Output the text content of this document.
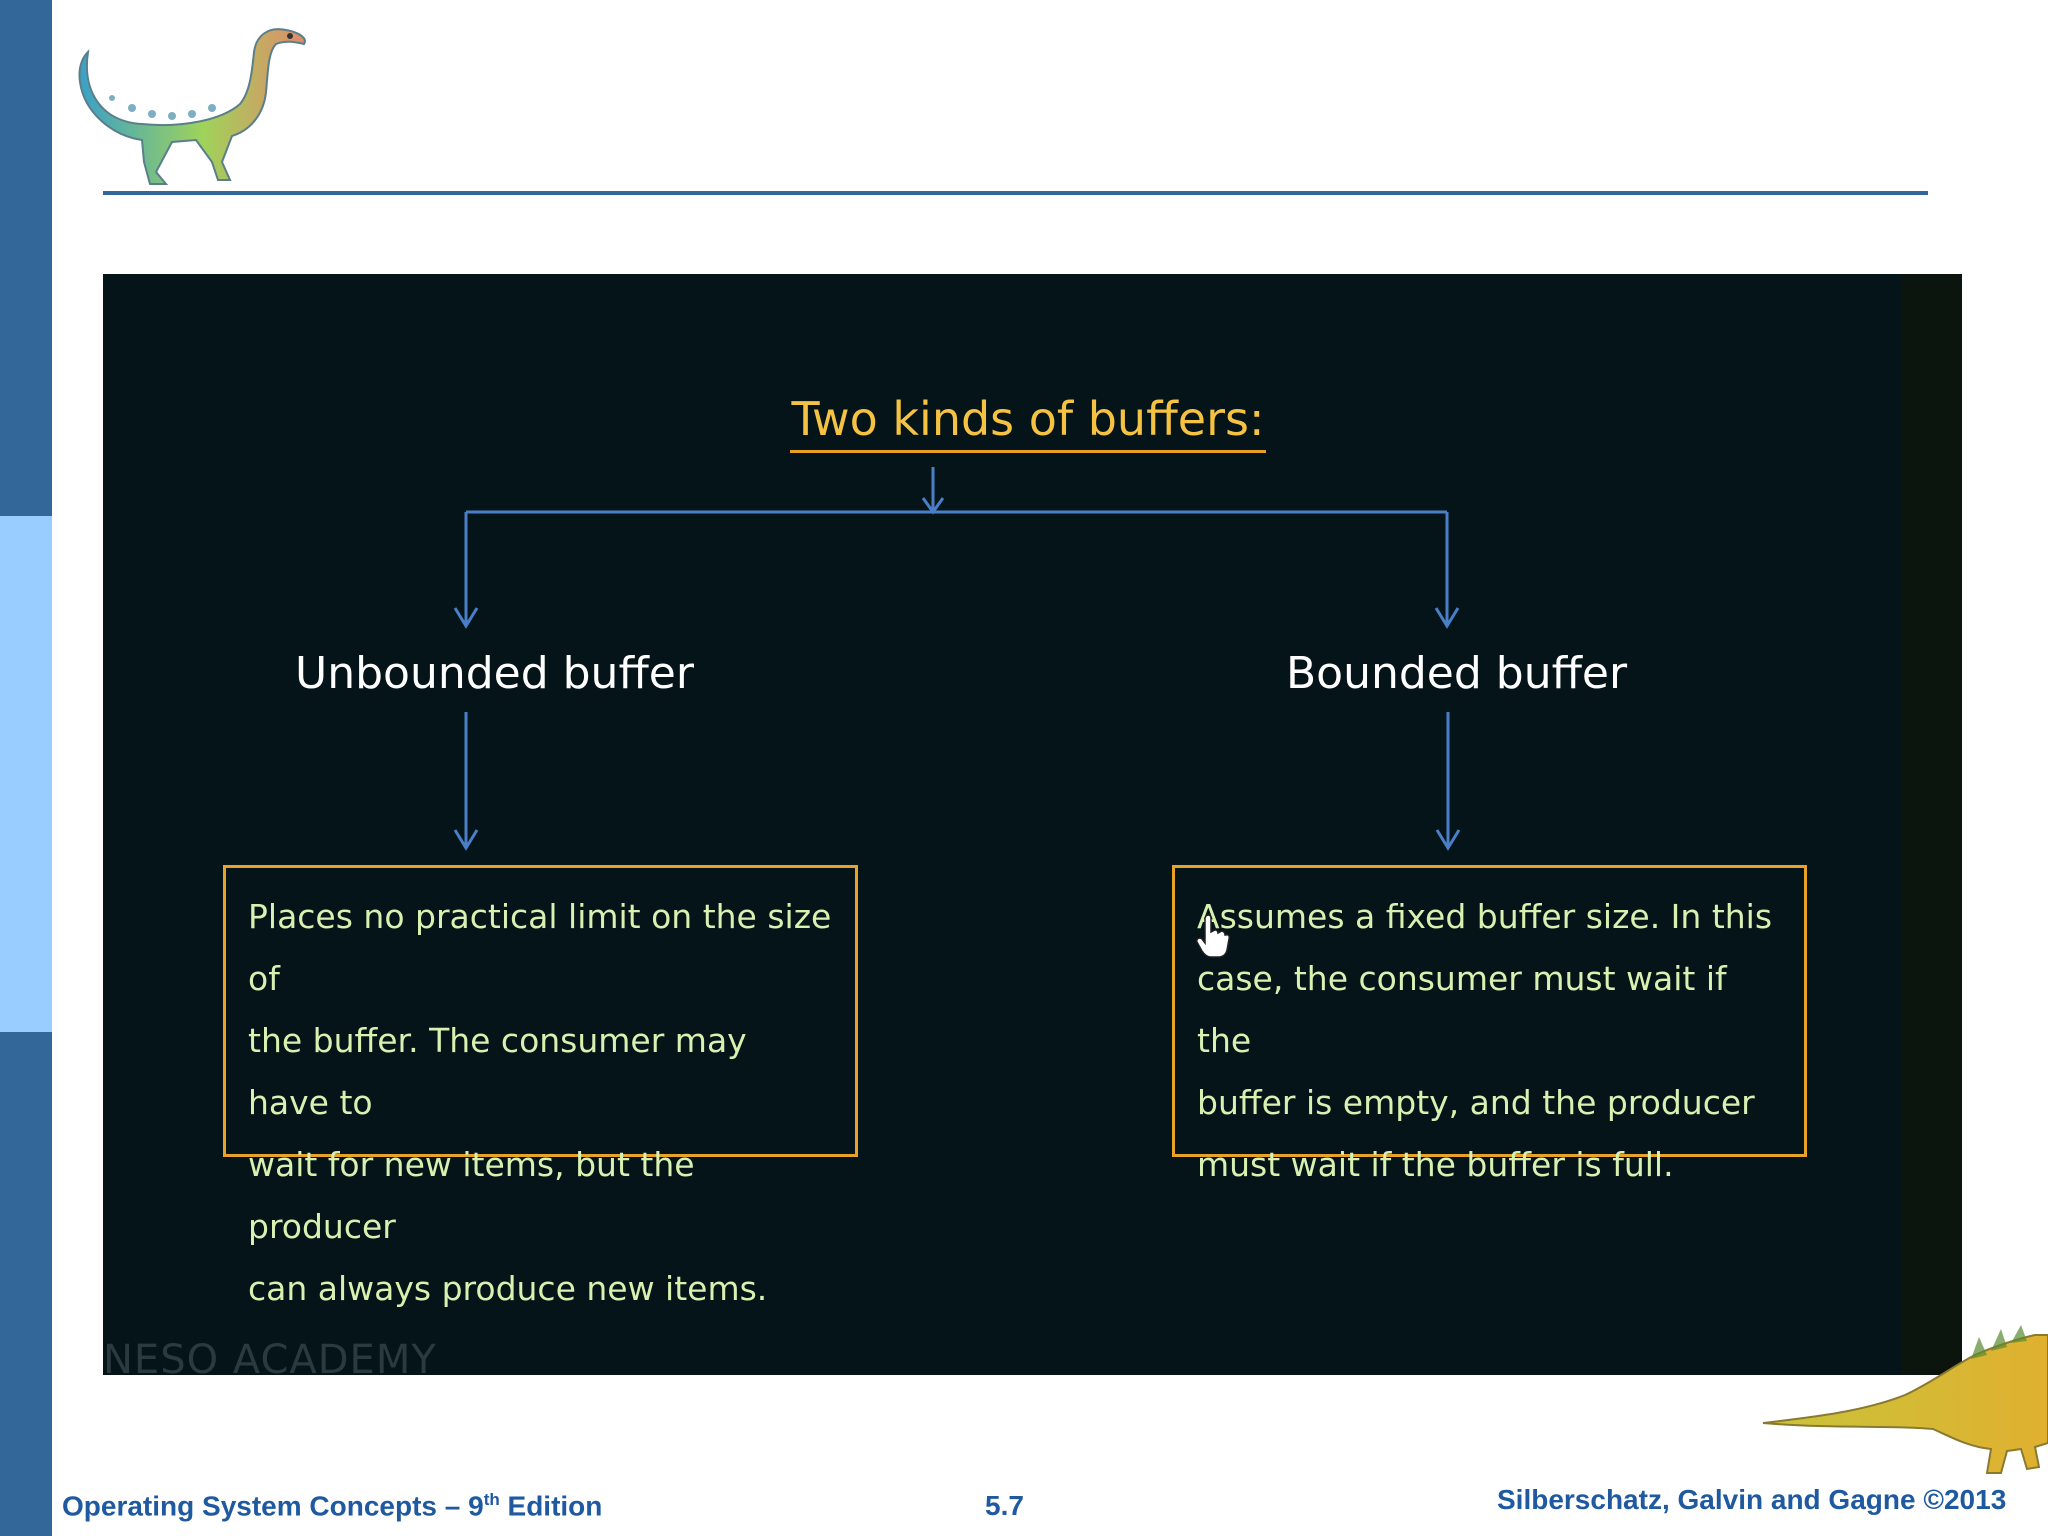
Two kinds of buffers:
Unbounded buffer	Bounded buffer
Places no practical limit on the size of
the buffer. The consumer may have to
wait for new items, but the producer
can always produce new items.
Assumes a fixed buffer size. In this
case, the consumer must wait if the
buffer is empty, and the producer
must wait if the buffer is full.
NESO ACADEMY
Operating System Concepts – 9th Edition	5.7	Silberschatz, Galvin and Gagne ©2013
